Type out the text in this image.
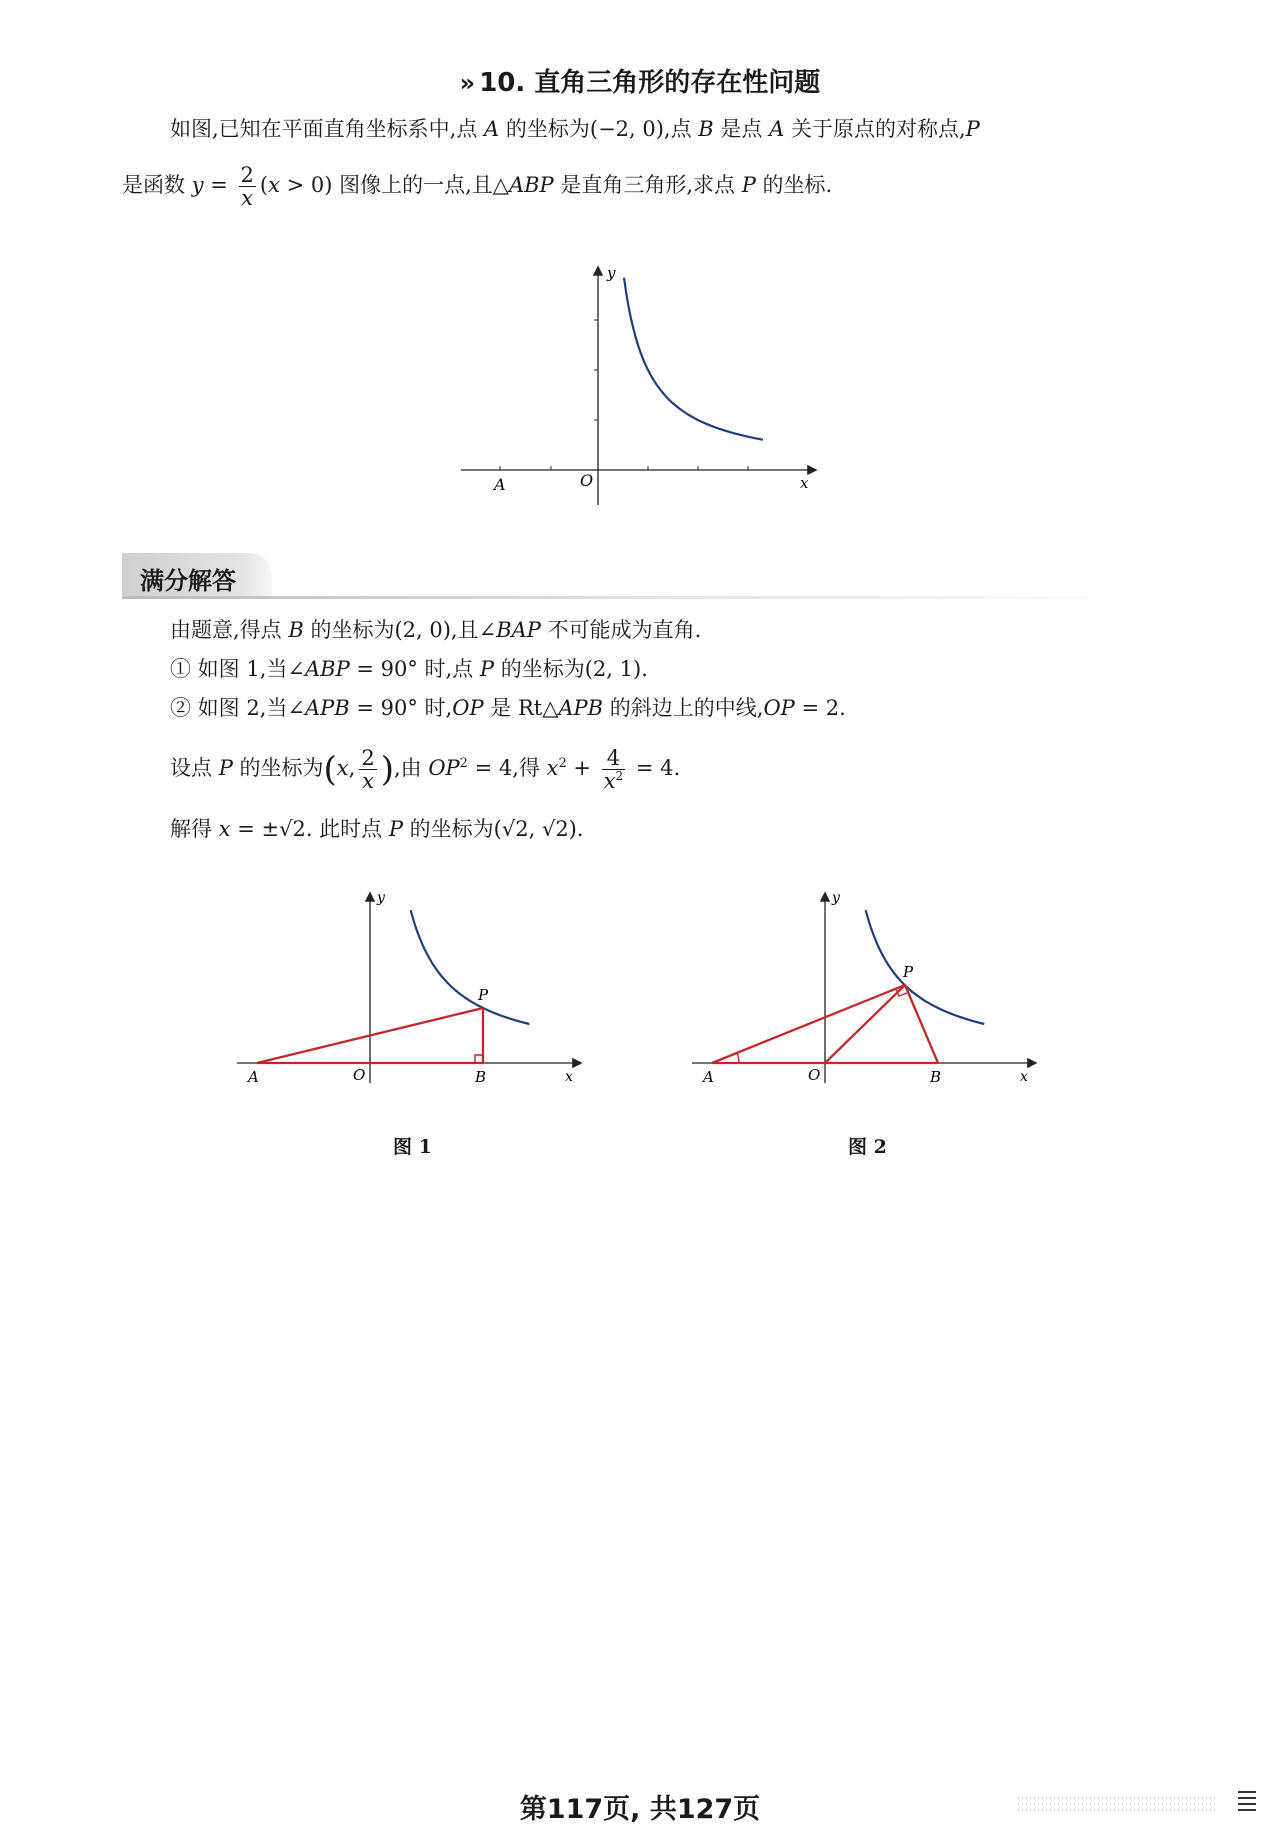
» 10. 直角三角形的存在性问题
如图,已知在平面直角坐标系中,点 A 的坐标为(−2, 0),点 B 是点 A 关于原点的对称点,P
是函数 $y = \frac{2}{x} (x > 0)$ 图像上的一点,且△ABP 是直角三角形,求点 P 的坐标.
y
x
O
A
满分解答
由题意,得点 B 的坐标为(2, 0),且∠BAP 不可能成为直角.
① 如图 1,当∠ABP = 90° 时,点 P 的坐标为(2, 1).
② 如图 2,当∠APB = 90° 时,OP 是 Rt△APB 的斜边上的中线,OP = 2.
设点 P 的坐标为(x, $\frac{2}{x}$ ),由 $OP^2 = 4$,得 $x^2 + \frac{4}{x^2} = 4$.
解得 x = ±√2. 此时点 P 的坐标为(√2, √2).
y
x
O
A	B
P
图 1
y
x
O
A	B
P
图 2
第117页, 共127页
